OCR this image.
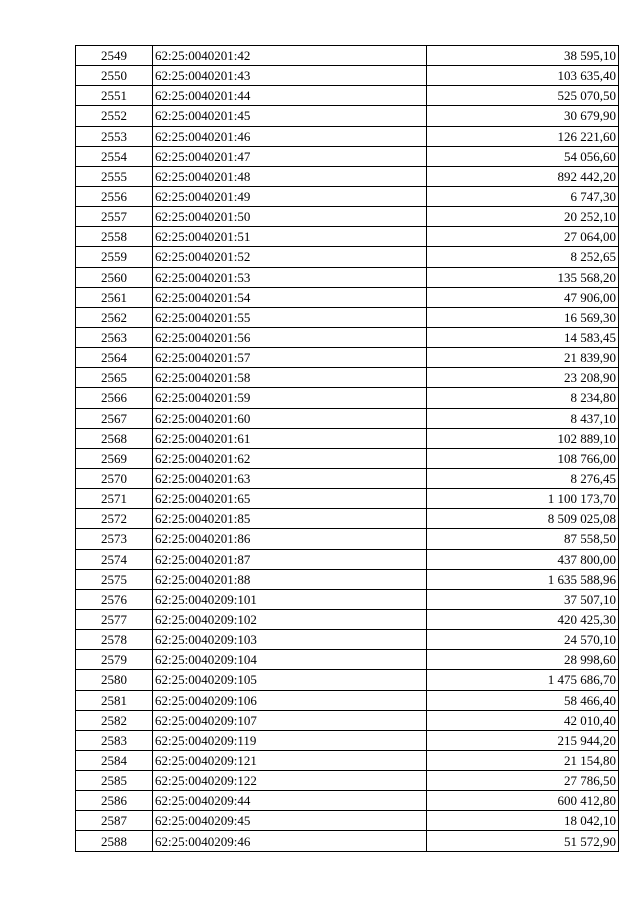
2549	62:25:0040201:42	38 595,10
2550	62:25:0040201:43	103 635,40
2551	62:25:0040201:44	525 070,50
2552	62:25:0040201:45	30 679,90
2553	62:25:0040201:46	126 221,60
2554	62:25:0040201:47	54 056,60
2555	62:25:0040201:48	892 442,20
2556	62:25:0040201:49	6 747,30
2557	62:25:0040201:50	20 252,10
2558	62:25:0040201:51	27 064,00
2559	62:25:0040201:52	8 252,65
2560	62:25:0040201:53	135 568,20
2561	62:25:0040201:54	47 906,00
2562	62:25:0040201:55	16 569,30
2563	62:25:0040201:56	14 583,45
2564	62:25:0040201:57	21 839,90
2565	62:25:0040201:58	23 208,90
2566	62:25:0040201:59	8 234,80
2567	62:25:0040201:60	8 437,10
2568	62:25:0040201:61	102 889,10
2569	62:25:0040201:62	108 766,00
2570	62:25:0040201:63	8 276,45
2571	62:25:0040201:65	1 100 173,70
2572	62:25:0040201:85	8 509 025,08
2573	62:25:0040201:86	87 558,50
2574	62:25:0040201:87	437 800,00
2575	62:25:0040201:88	1 635 588,96
2576	62:25:0040209:101	37 507,10
2577	62:25:0040209:102	420 425,30
2578	62:25:0040209:103	24 570,10
2579	62:25:0040209:104	28 998,60
2580	62:25:0040209:105	1 475 686,70
2581	62:25:0040209:106	58 466,40
2582	62:25:0040209:107	42 010,40
2583	62:25:0040209:119	215 944,20
2584	62:25:0040209:121	21 154,80
2585	62:25:0040209:122	27 786,50
2586	62:25:0040209:44	600 412,80
2587	62:25:0040209:45	18 042,10
2588	62:25:0040209:46	51 572,90
